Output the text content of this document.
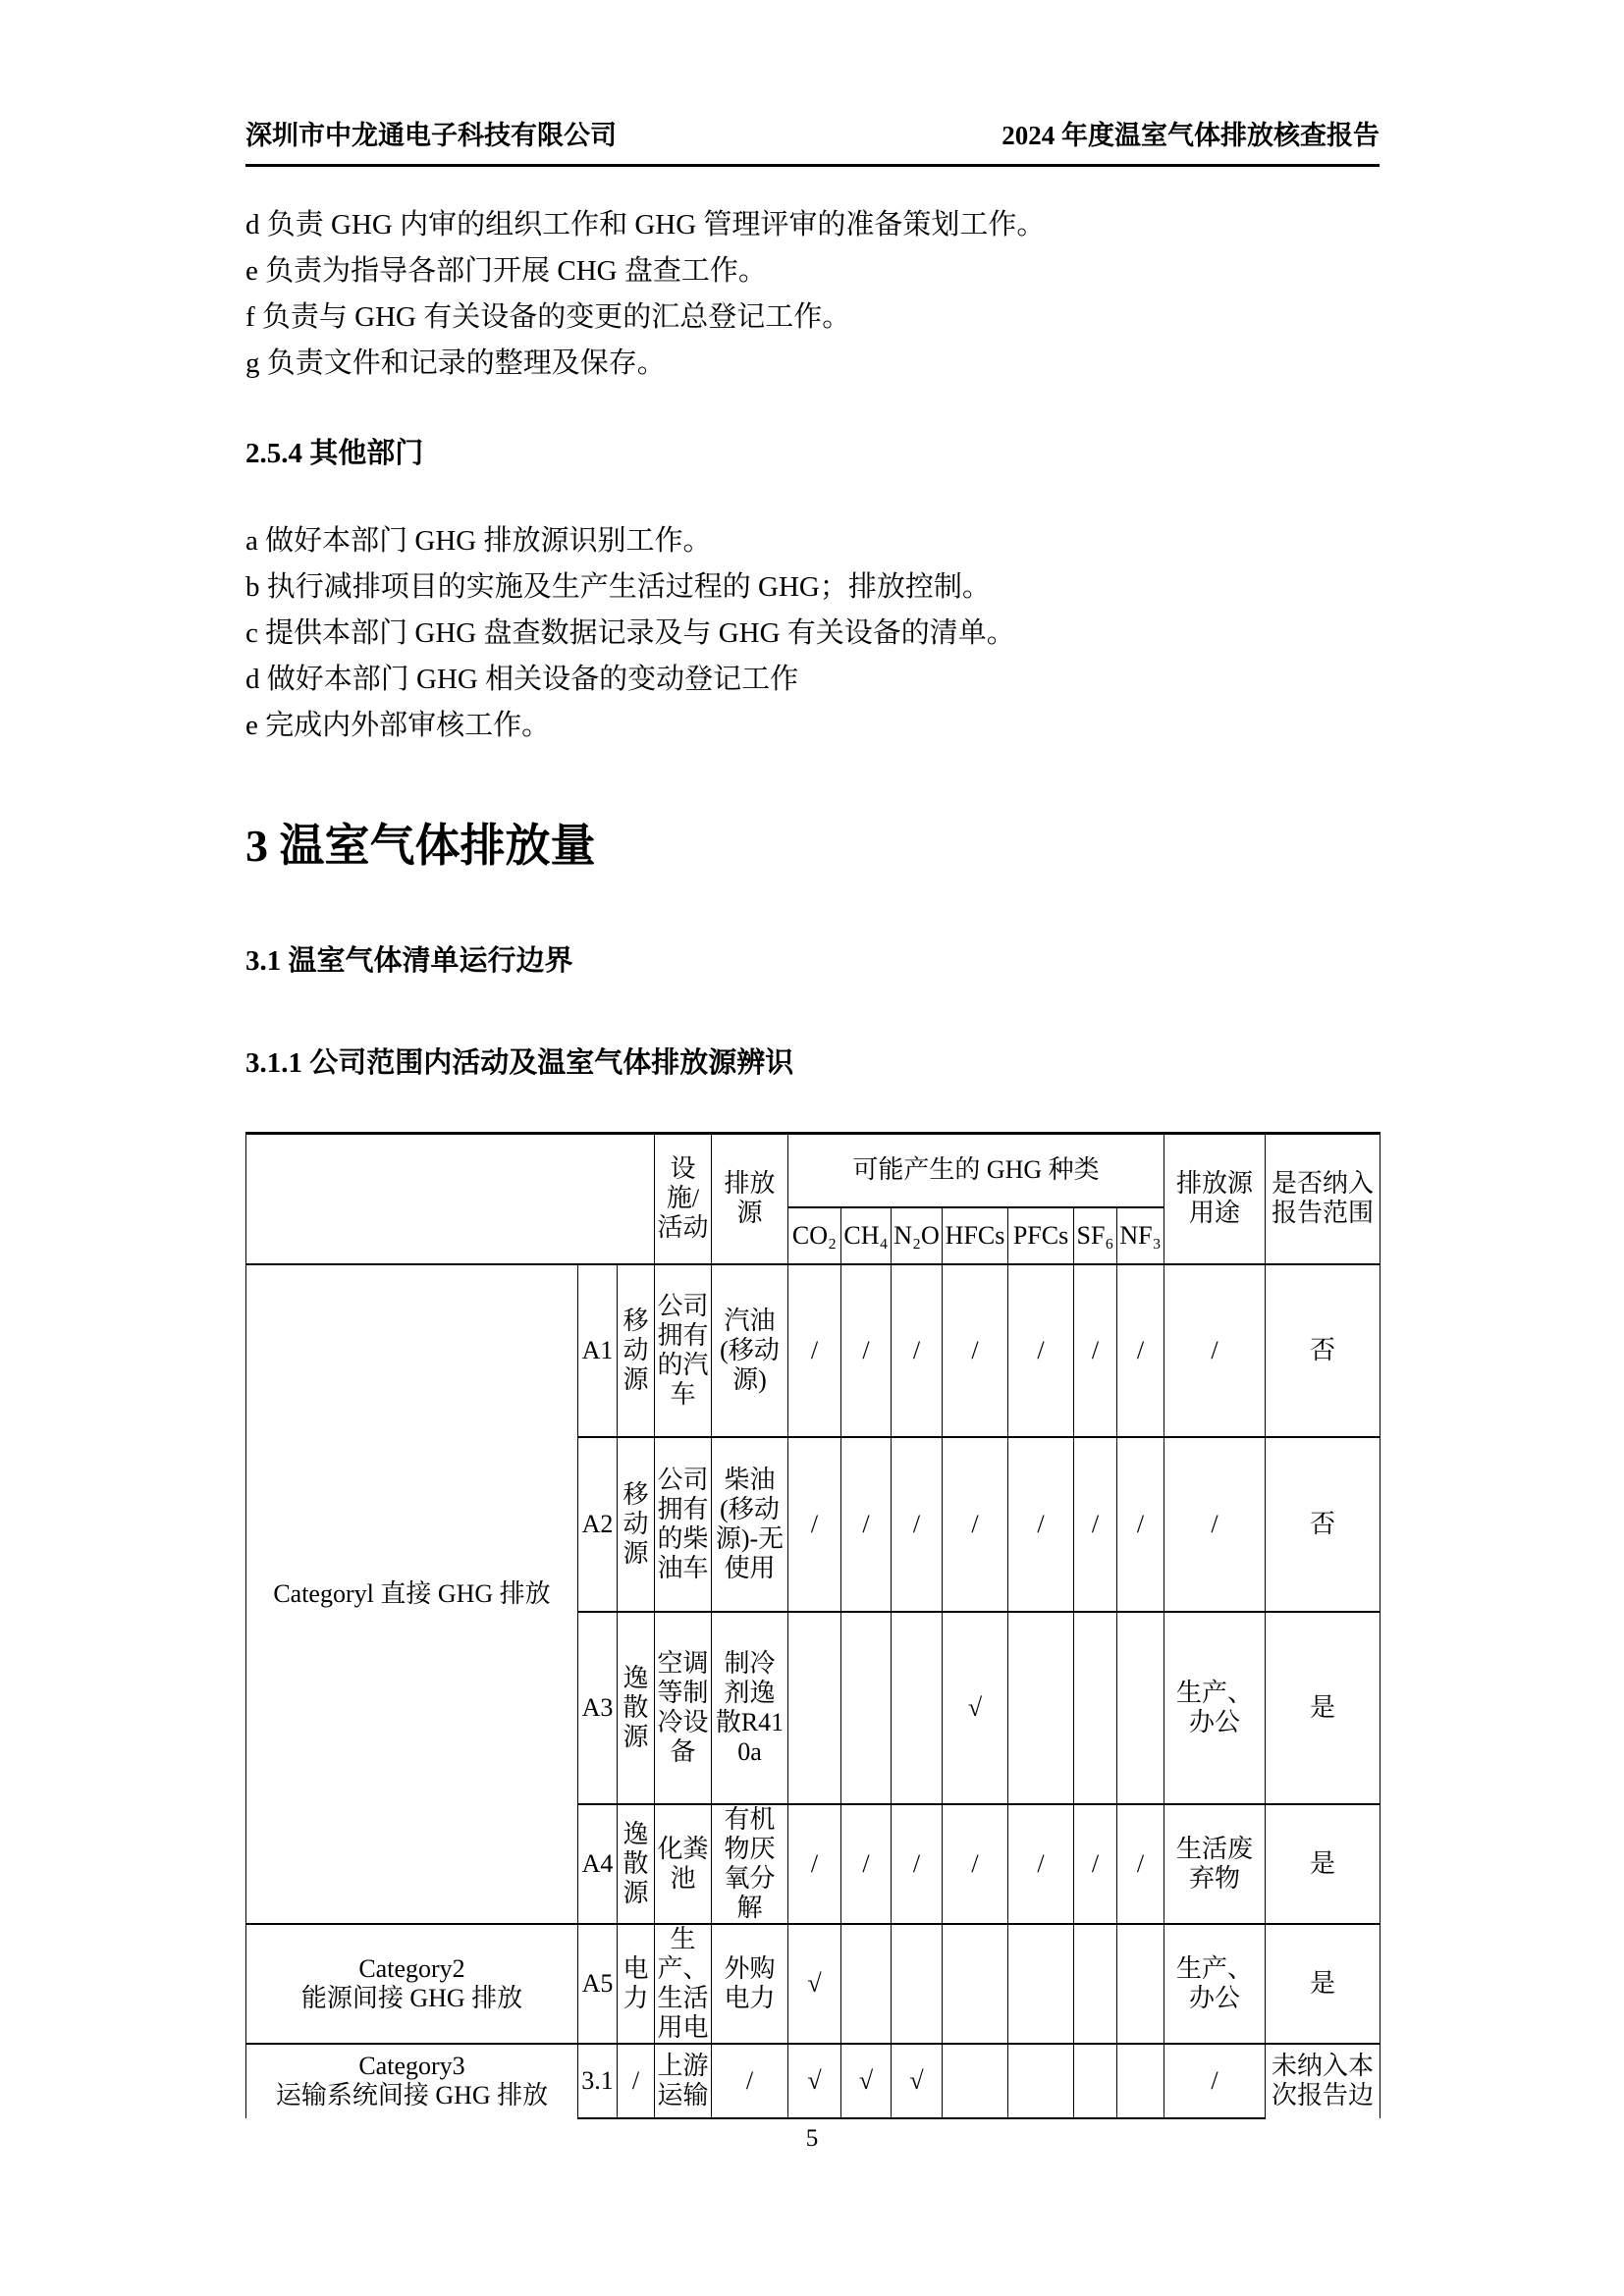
深圳市中龙通电子科技有限公司	2024 年度温室气体排放核查报告
d 负责 GHG 内审的组织工作和 GHG 管理评审的准备策划工作。
e 负责为指导各部门开展 CHG 盘查工作。
f 负责与 GHG 有关设备的变更的汇总登记工作。
g 负责文件和记录的整理及保存。
2.5.4 其他部门
a 做好本部门 GHG 排放源识别工作。
b 执行减排项目的实施及生产生活过程的 GHG；排放控制。
c 提供本部门 GHG 盘查数据记录及与 GHG 有关设备的清单。
d 做好本部门 GHG 相关设备的变动登记工作
e 完成内外部审核工作。
3 温室气体排放量
3.1 温室气体清单运行边界
3.1.1 公司范围内活动及温室气体排放源辨识
			设施/活动	排放源	可能产生的 GHG 种类							排放源用途	是否纳入报告范围
					CO₂	CH₄	N₂O	HFCs	PFCs	SF₆	NF₃		
Categoryl 直接 GHG 排放	A1	移动源	公司拥有的汽车	汽油(移动源)	/	/	/	/	/	/	/	/	否
	A2	移动源	公司拥有的柴油车	柴油(移动源)-无使用	/	/	/	/	/	/	/	/	否
	A3	逸散源	空调等制冷设备	制冷剂逸散R410a				√				生产、办公	是
	A4	逸散源	化粪池	有机物厌氧分解	/	/	/	/	/	/	/	生活废弃物	是

Category2
能源间接 GHG 排放	A5	电力	生产、生活用电	外购电力	√							生产、办公	是

Category3
运输系统间接 GHG 排放	3.1	/	上游运输	/	√	√	√					/	未纳入本次报告边
5
